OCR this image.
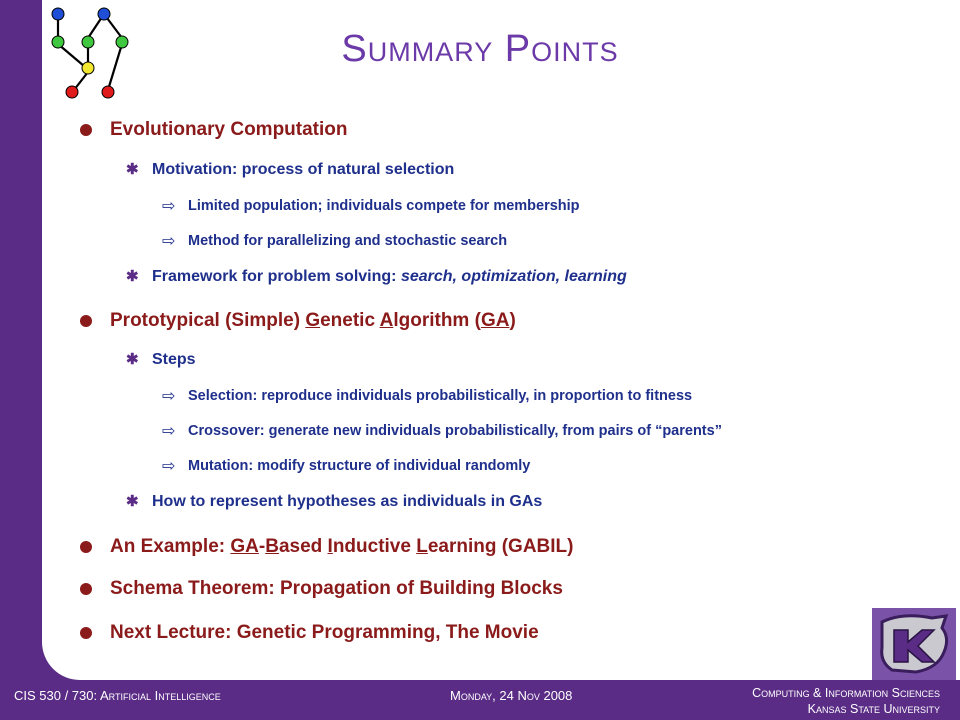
Summary Points
Evolutionary Computation
✱ Motivation: process of natural selection
⇨ Limited population; individuals compete for membership
⇨ Method for parallelizing and stochastic search
✱ Framework for problem solving: search, optimization, learning
Prototypical (Simple) Genetic Algorithm (GA)
✱ Steps
⇨ Selection: reproduce individuals probabilistically, in proportion to fitness
⇨ Crossover: generate new individuals probabilistically, from pairs of “parents”
⇨ Mutation: modify structure of individual randomly
✱ How to represent hypotheses as individuals in GAs
An Example: GA-Based Inductive Learning (GABIL)
Schema Theorem: Propagation of Building Blocks
Next Lecture: Genetic Programming, The Movie
CIS 530 / 730: Artificial Intelligence	Monday, 24 Nov 2008	Computing & Information Sciences
Kansas State University
